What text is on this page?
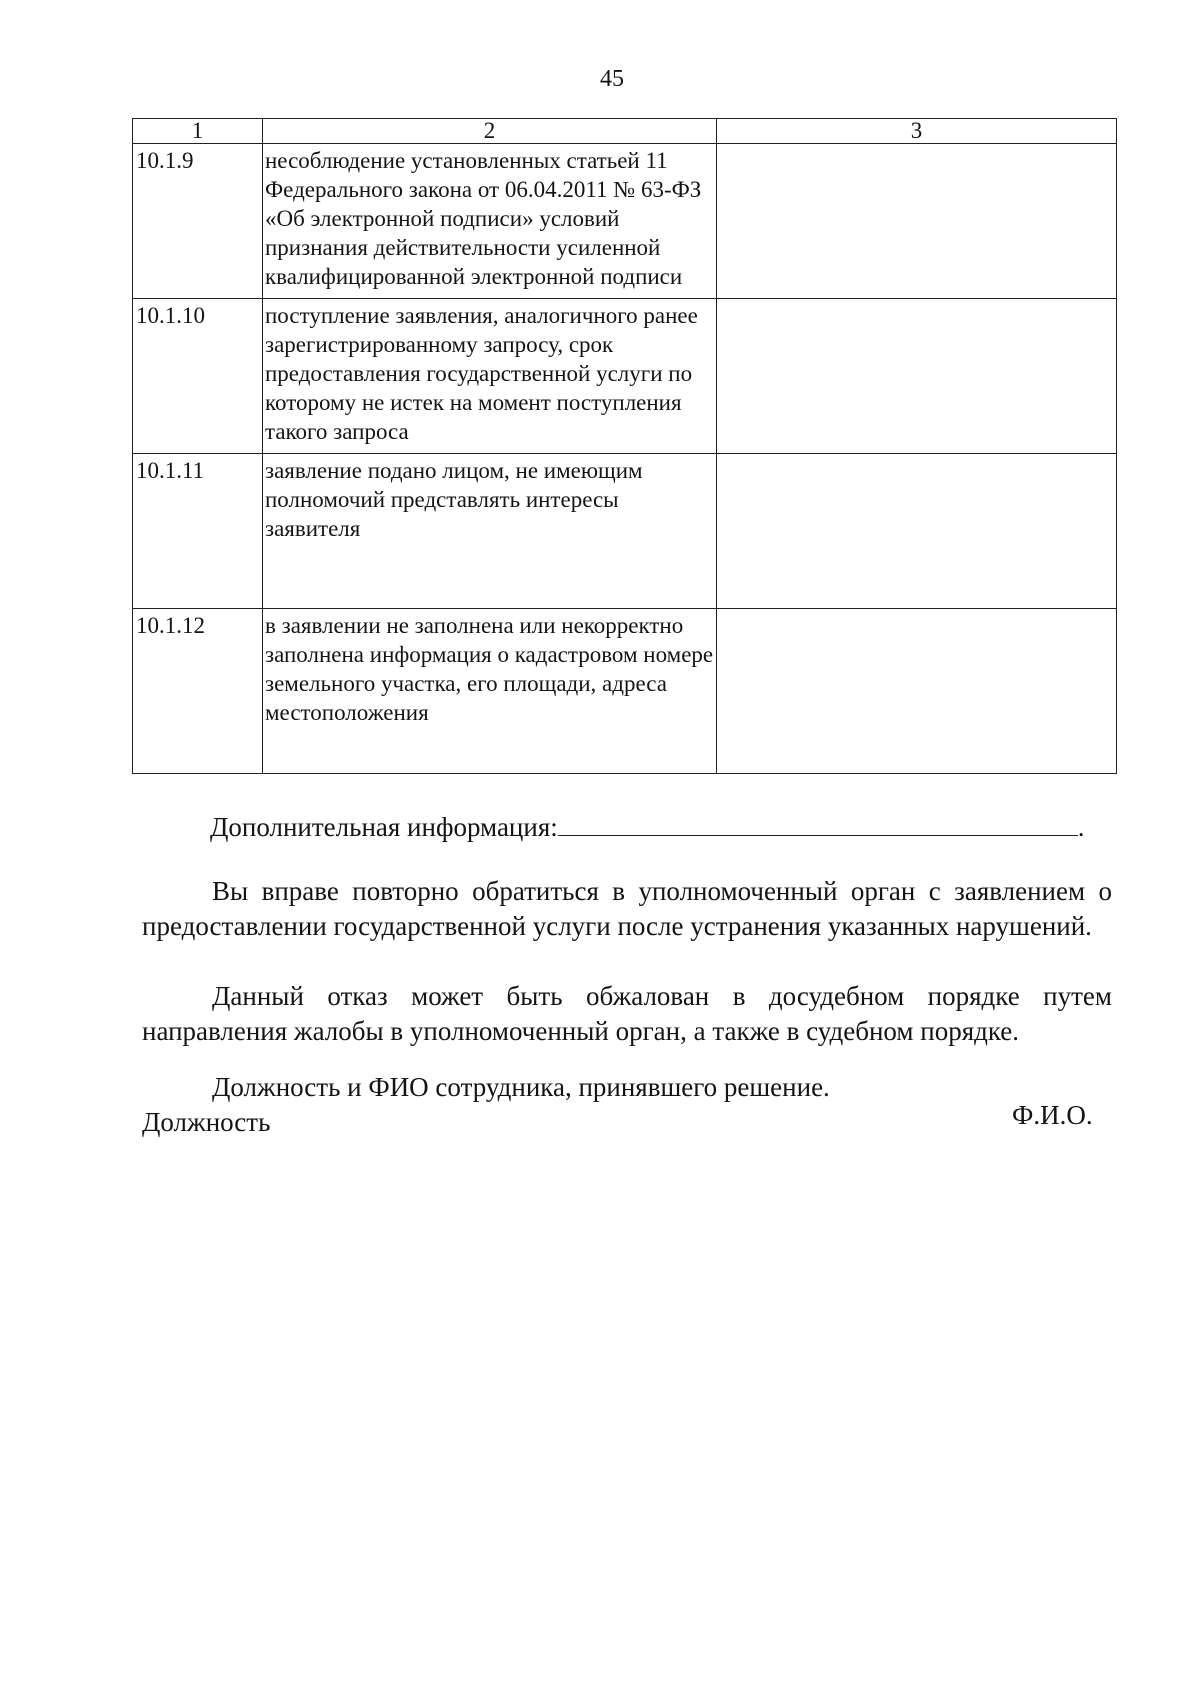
45
1	2	3
10.1.9	несоблюдение установленных статьей 11 Федерального закона от 06.04.2011 № 63-ФЗ «Об электронной подписи» условий признания действительности усиленной квалифицированной электронной подписи	
10.1.10	поступление заявления, аналогичного ранее зарегистрированному запросу, срок предоставления государственной услуги по которому не истек на момент поступления такого запроса	
10.1.11	заявление подано лицом, не имеющим полномочий представлять интересы заявителя	
10.1.12	в заявлении не заполнена или некорректно заполнена информация о кадастровом номере земельного участка, его площади, адреса местоположения	
Дополнительная информация:	.
Вы вправе повторно обратиться в уполномоченный орган с заявлением о предоставлении государственной услуги после устранения указанных нарушений.
Данный отказ может быть обжалован в досудебном порядке путем направления жалобы в уполномоченный орган, а также в судебном порядке.
Должность и ФИО сотрудника, принявшего решение.
Должность	Ф.И.О.
